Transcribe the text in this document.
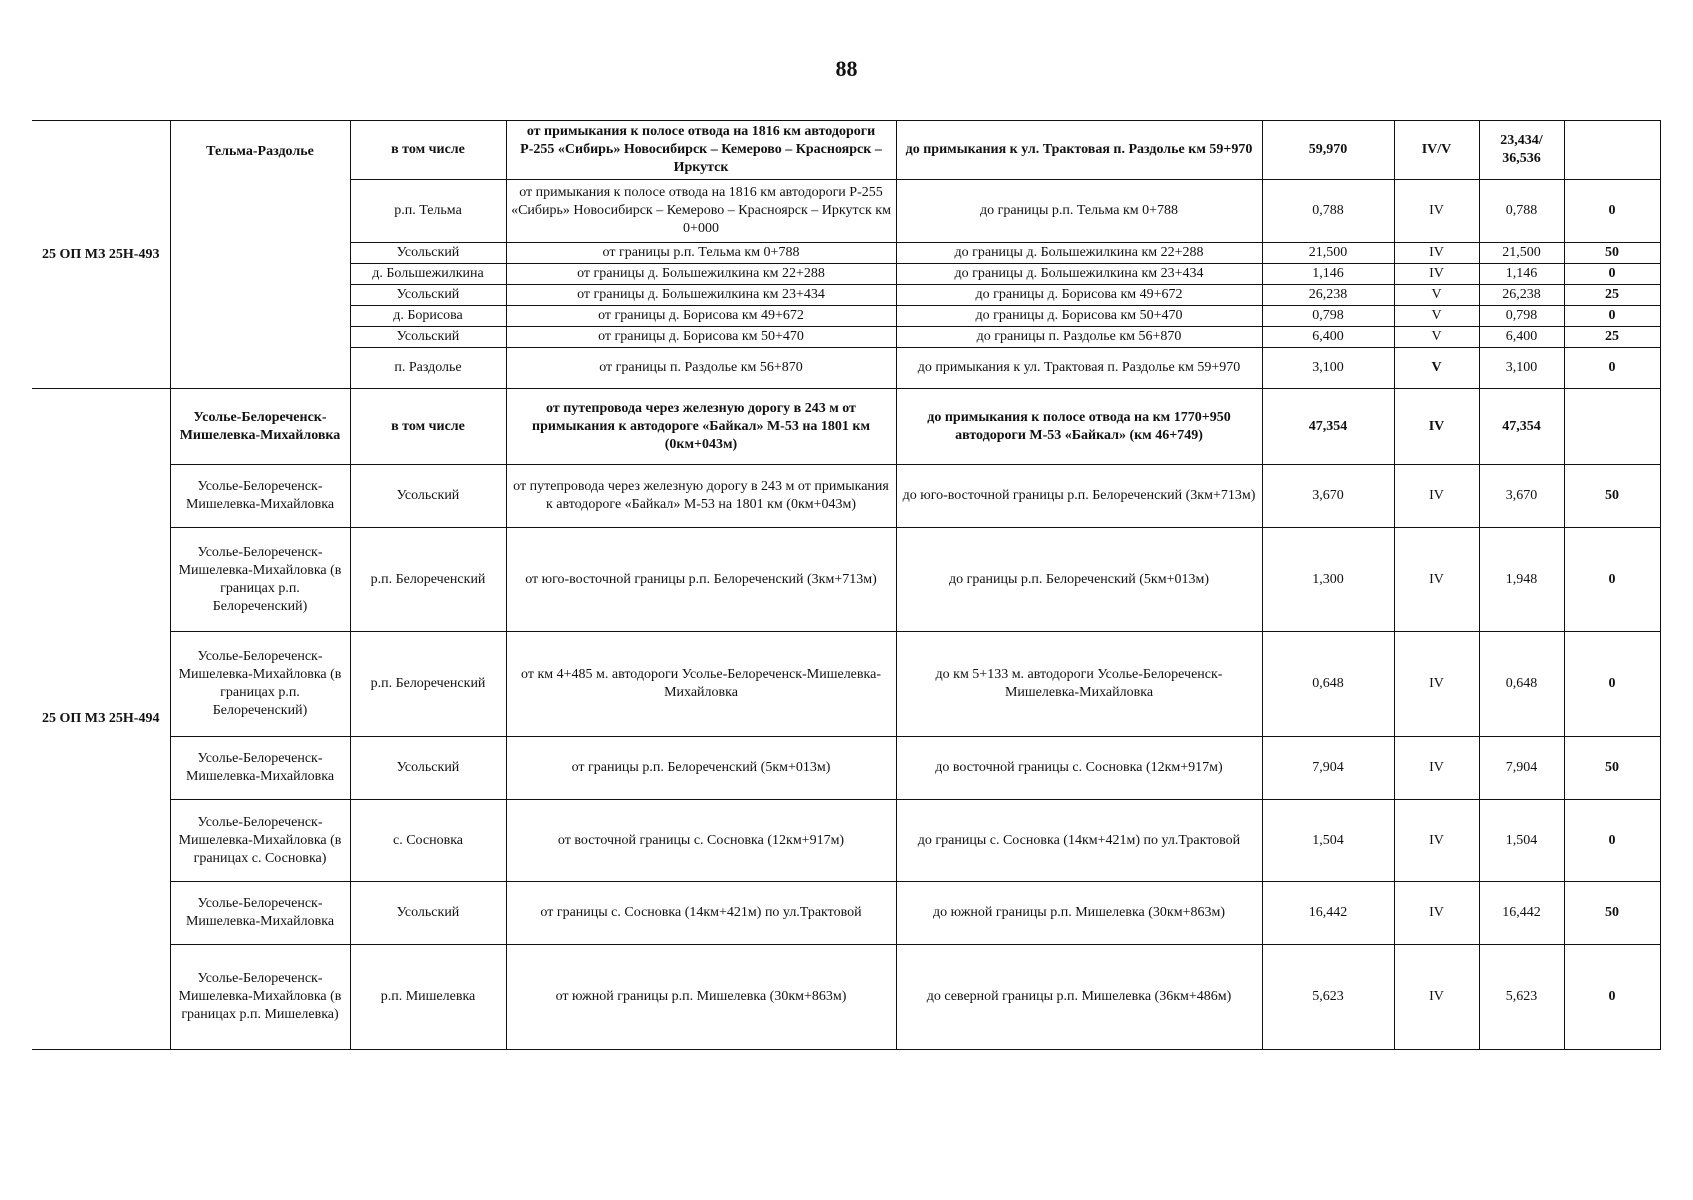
88
25 ОП МЗ 25Н-493	Тельма-Раздолье	в том числе	от примыкания к полосе отвода на 1816 км автодороги Р-255 «Сибирь» Новосибирск – Кемерово – Красноярск – Иркутск	до примыкания к ул. Трактовая п. Раздолье км 59+970	59,970	IV/V	23,434/ 36,536	
		р.п. Тельма	от примыкания к полосе отвода на 1816 км автодороги Р-255 «Сибирь» Новосибирск – Кемерово – Красноярск – Иркутск км 0+000	до границы р.п. Тельма км 0+788	0,788	IV	0,788	0
		Усольский	от границы р.п. Тельма км 0+788	до границы д. Большежилкина км 22+288	21,500	IV	21,500	50
		д. Большежилкина	от границы д. Большежилкина км 22+288	до границы д. Большежилкина км 23+434	1,146	IV	1,146	0
		Усольский	от границы д. Большежилкина км 23+434	до границы д. Борисова км 49+672	26,238	V	26,238	25
		д. Борисова	от границы д. Борисова км 49+672	до границы д. Борисова км 50+470	0,798	V	0,798	0
		Усольский	от границы д. Борисова км 50+470	до границы п. Раздолье км 56+870	6,400	V	6,400	25
		п. Раздолье	от границы п. Раздолье км 56+870	до примыкания к ул. Трактовая п. Раздолье км 59+970	3,100	V	3,100	0
25 ОП МЗ 25Н-494	Усолье-Белореченск-Мишелевка-Михайловка	в том числе	от путепровода через железную дорогу в 243 м от примыкания к автодороге «Байкал» М-53 на 1801 км (0км+043м)	до примыкания к полосе отвода на км 1770+950 автодороги М-53 «Байкал» (км 46+749)	47,354	IV	47,354	
	Усолье-Белореченск-Мишелевка-Михайловка	Усольский	от путепровода через железную дорогу в 243 м от примыкания к автодороге «Байкал» М-53 на 1801 км (0км+043м)	до юго-восточной границы р.п. Белореченский (3км+713м)	3,670	IV	3,670	50
	Усолье-Белореченск-Мишелевка-Михайловка (в границах р.п. Белореченский)	р.п. Белореченский	от юго-восточной границы р.п. Белореченский (3км+713м)	до границы р.п. Белореченский (5км+013м)	1,300	IV	1,948	0
	Усолье-Белореченск-Мишелевка-Михайловка (в границах р.п. Белореченский)	р.п. Белореченский	от км 4+485 м. автодороги Усолье-Белореченск-Мишелевка-Михайловка	до км 5+133 м. автодороги Усолье-Белореченск-Мишелевка-Михайловка	0,648	IV	0,648	0
	Усолье-Белореченск-Мишелевка-Михайловка	Усольский	от границы р.п. Белореченский (5км+013м)	до восточной границы с. Сосновка (12км+917м)	7,904	IV	7,904	50
	Усолье-Белореченск-Мишелевка-Михайловка (в границах с. Сосновка)	с. Сосновка	от восточной границы с. Сосновка (12км+917м)	до границы с. Сосновка (14км+421м) по ул.Трактовой	1,504	IV	1,504	0
	Усолье-Белореченск-Мишелевка-Михайловка	Усольский	от границы с. Сосновка (14км+421м) по ул.Трактовой	до южной границы р.п. Мишелевка (30км+863м)	16,442	IV	16,442	50
	Усолье-Белореченск-Мишелевка-Михайловка (в границах р.п. Мишелевка)	р.п. Мишелевка	от южной границы р.п. Мишелевка (30км+863м)	до северной границы р.п. Мишелевка (36км+486м)	5,623	IV	5,623	0
